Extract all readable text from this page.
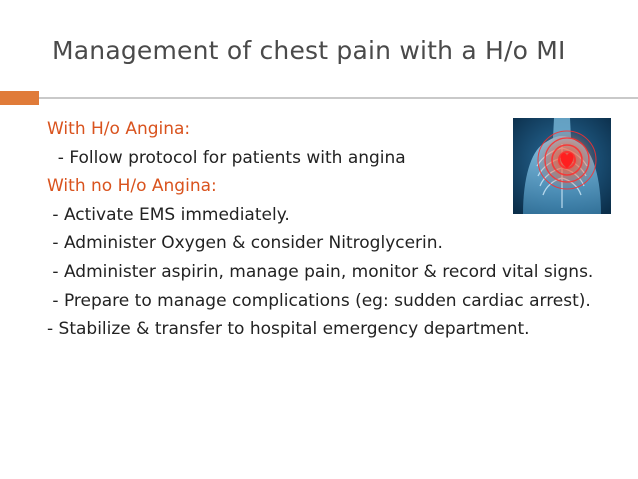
Management of chest pain with a H/o MI
With H/o Angina:
- Follow protocol for patients with angina
With no H/o Angina:
- Activate EMS immediately.
- Administer Oxygen & consider Nitroglycerin.
- Administer aspirin, manage pain, monitor & record vital signs.
- Prepare to manage complications (eg: sudden cardiac arrest).
- Stabilize & transfer to hospital emergency department.
